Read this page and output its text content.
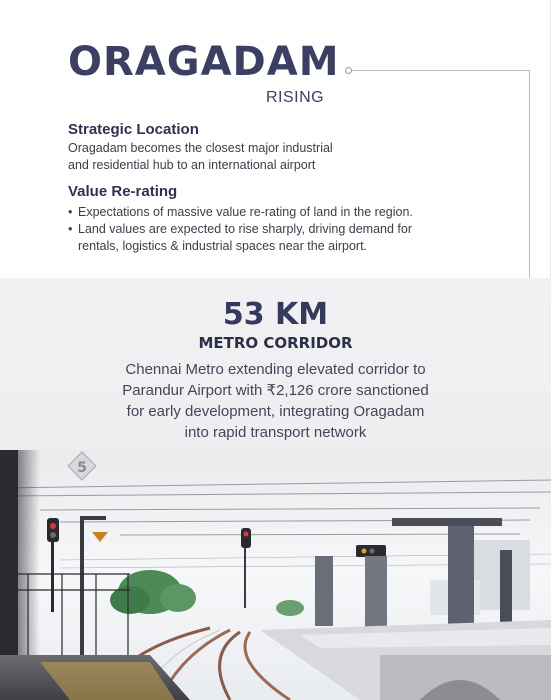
ORAGADAM
RISING
Strategic Location
Oragadam becomes the closest major industrial
and residential hub to an international airport
Value Re-rating
• Expectations of massive value re-rating of land in the region.
• Land values are expected to rise sharply, driving demand for
rentals, logistics & industrial spaces near the airport.
53 KM
METRO CORRIDOR
Chennai Metro extending elevated corridor to
Parandur Airport with ₹2,126 crore sanctioned
for early development, integrating Oragadam
into rapid transport network
5
